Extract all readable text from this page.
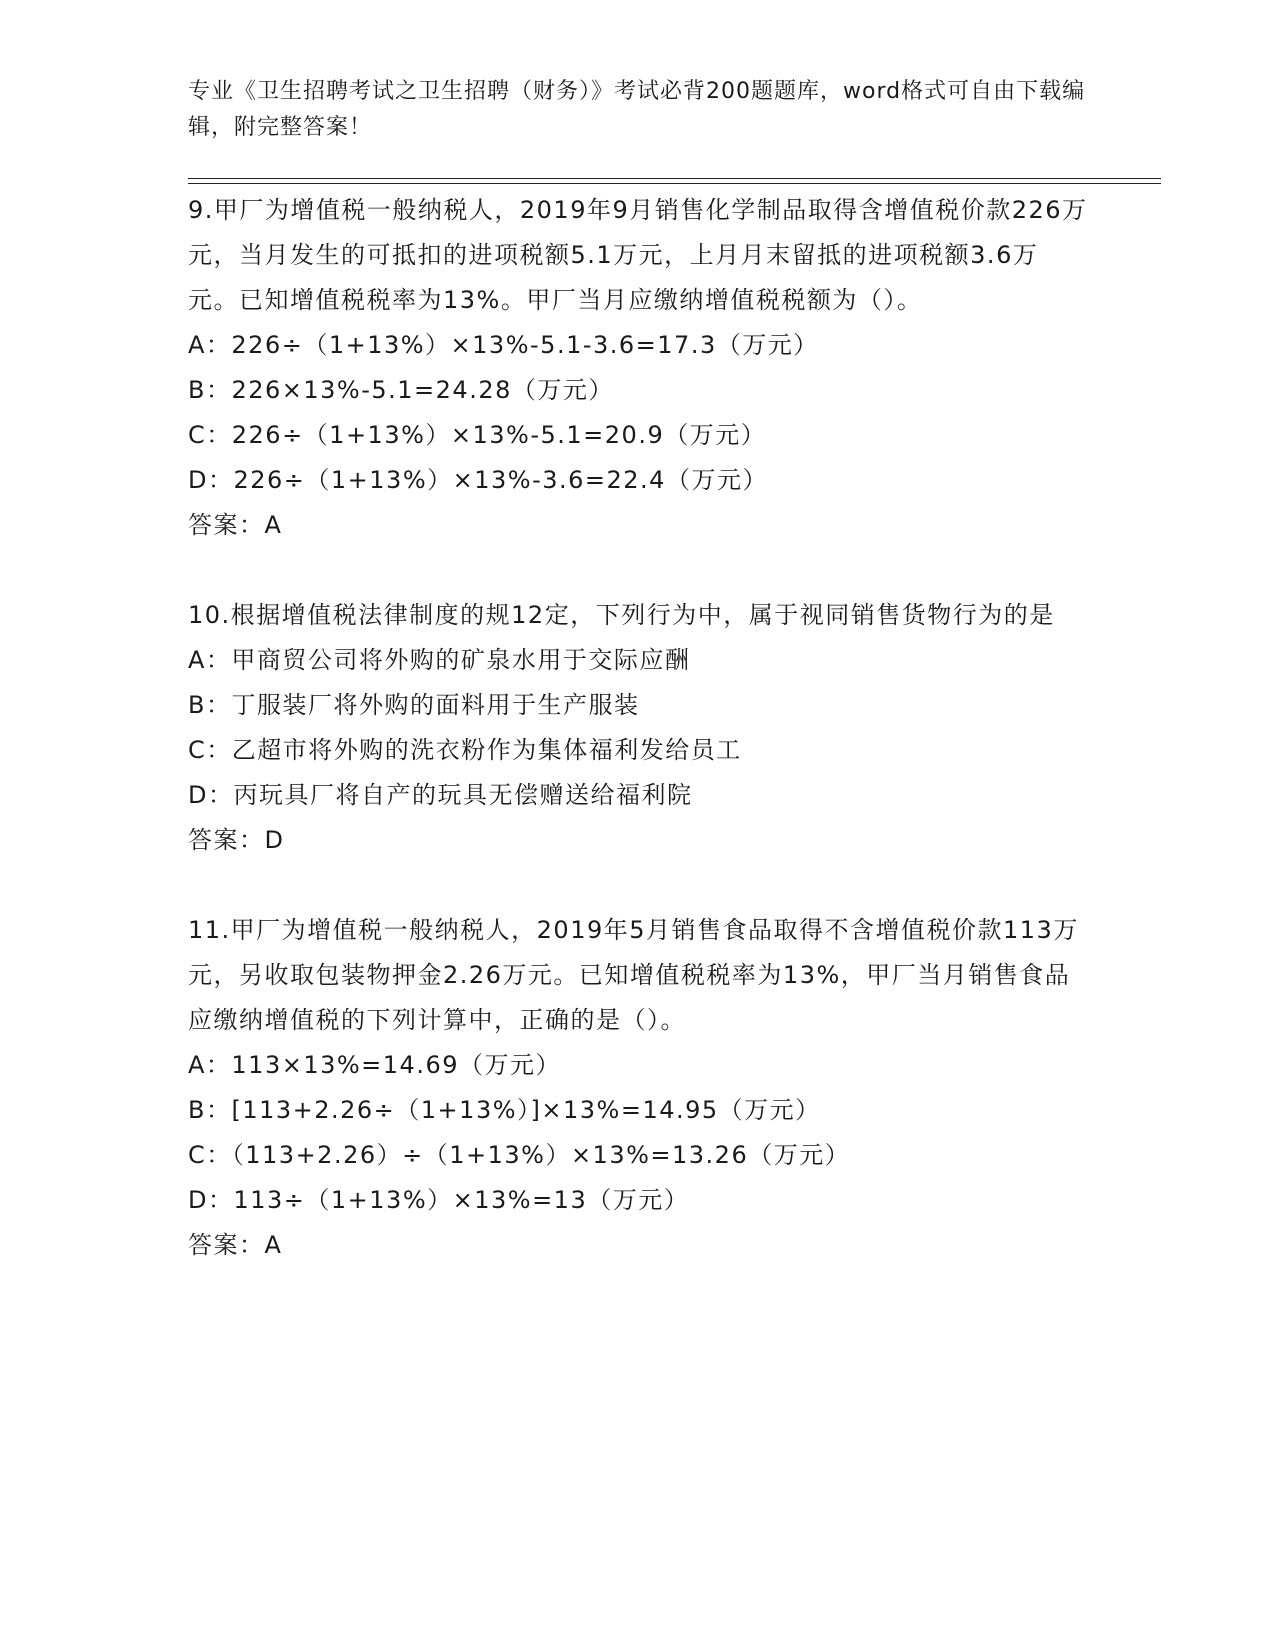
专业《卫生招聘考试之卫生招聘（财务）》考试必背200题题库，word格式可自由下载编辑，附完整答案！

9.甲厂为增值税一般纳税人，2019年9月销售化学制品取得含增值税价款226万元，当月发生的可抵扣的进项税额5.1万元，上月月末留抵的进项税额3.6万元。已知增值税税率为13%。甲厂当月应缴纳增值税税额为（）。

A：226÷（1+13%）×13%-5.1-3.6=17.3（万元）

B：226×13%-5.1=24.28（万元）

C：226÷（1+13%）×13%-5.1=20.9（万元）

D：226÷（1+13%）×13%-3.6=22.4（万元）

答案：A

10.根据增值税法律制度的规12定，下列行为中，属于视同销售货物行为的是

A：甲商贸公司将外购的矿泉水用于交际应酬

B：丁服装厂将外购的面料用于生产服装

C：乙超市将外购的洗衣粉作为集体福利发给员工

D：丙玩具厂将自产的玩具无偿赠送给福利院

答案：D

11.甲厂为增值税一般纳税人，2019年5月销售食品取得不含增值税价款113万元，另收取包装物押金2.26万元。已知增值税税率为13%，甲厂当月销售食品应缴纳增值税的下列计算中，正确的是（）。

A：113×13%=14.69（万元）

B：[113+2.26÷（1+13%）]×13%=14.95（万元）

C：（113+2.26）÷（1+13%）×13%=13.26（万元）

D：113÷（1+13%）×13%=13（万元）

答案：A
